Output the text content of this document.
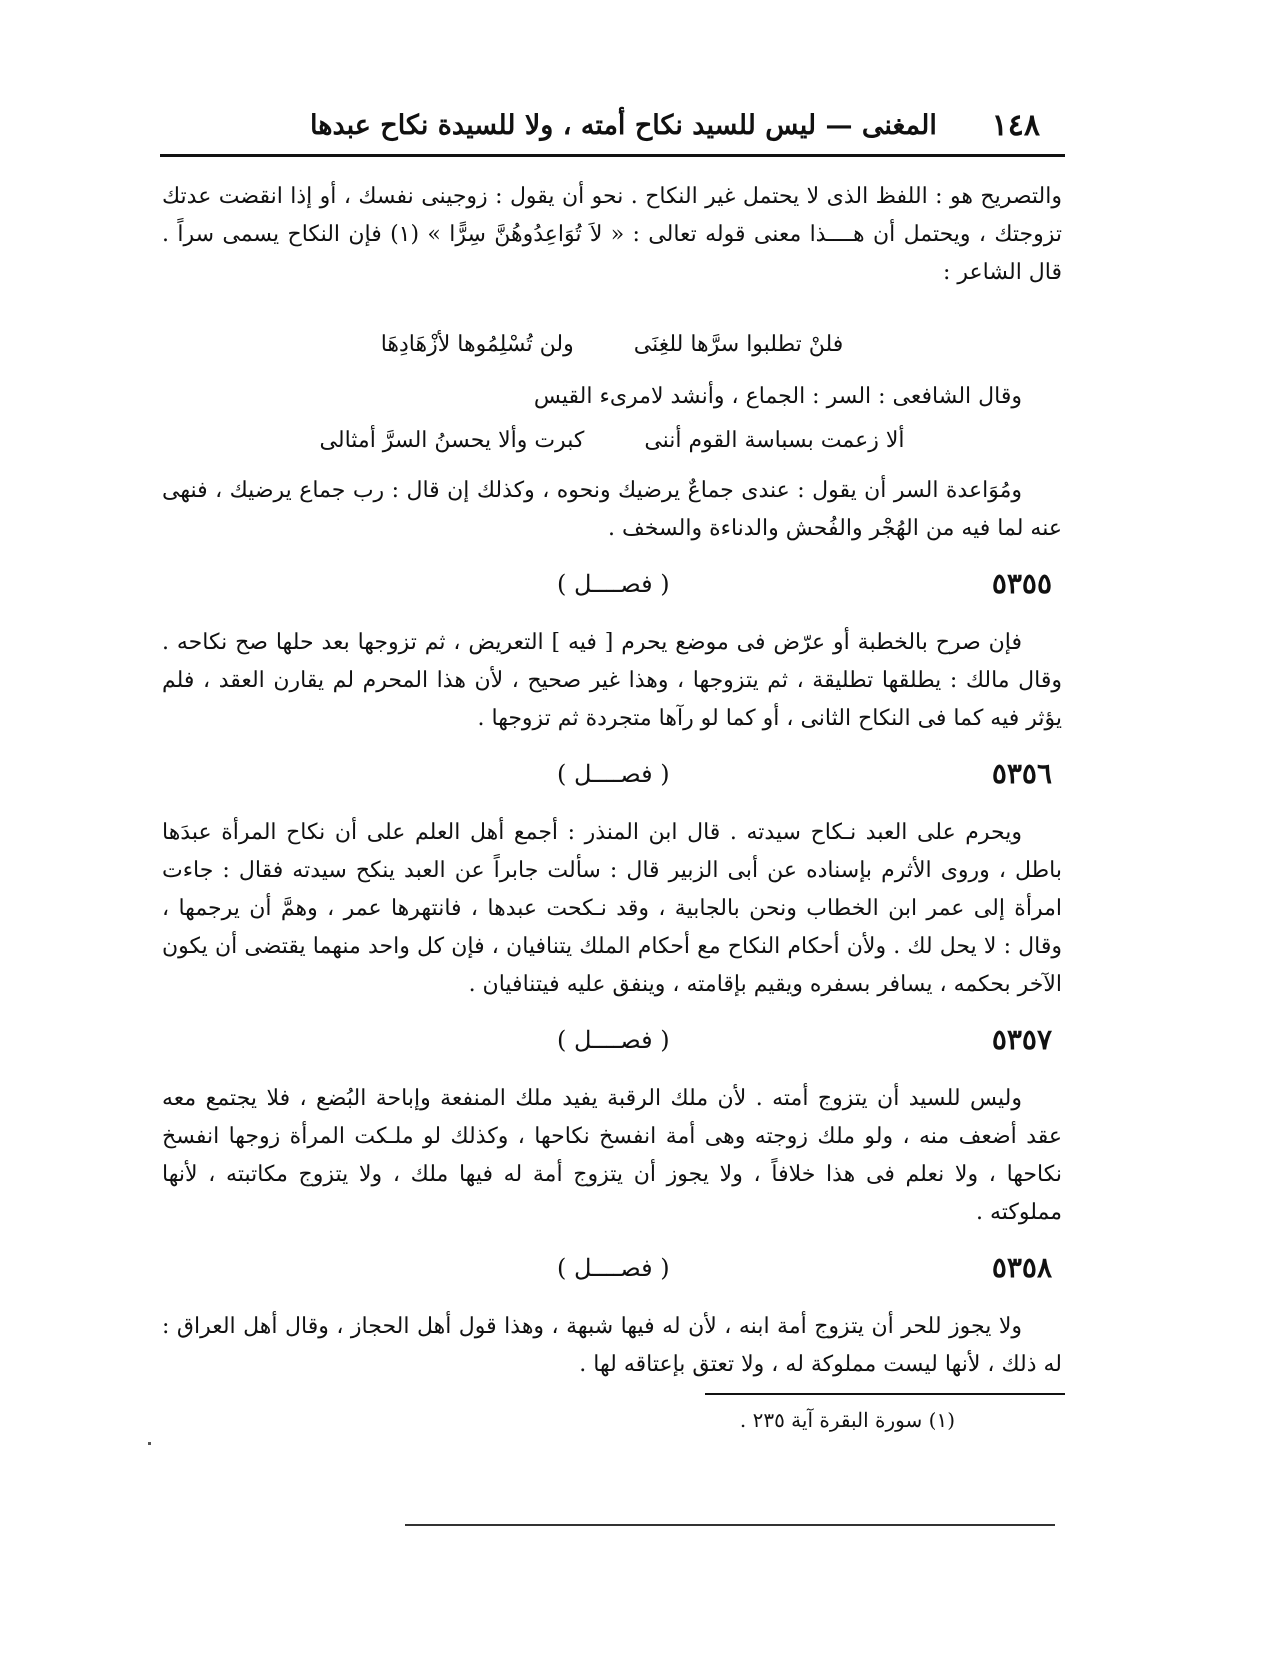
١٤٨
المغنى — ليس للسيد نكاح أمته ، ولا للسيدة نكاح عبدها

والتصريح هو : اللفظ الذى لا يحتمل غير النكاح . نحو أن يقول : زوجينى نفسك ، أو إذا انقضت عدتك تزوجتك ، ويحتمل أن هــــذا معنى قوله تعالى : « لاَ تُوَاعِدُوهُنَّ سِرًّا » (١) فإن النكاح يسمى سراً . قال الشاعر :

فلنْ تطلبوا سرَّها للغِنَى
ولن تُسْلِمُوها لأزْهَادِهَا

وقال الشافعى : السر : الجماع ، وأنشد لامرىء القيس

ألا زعمت بسباسة القوم أننى
كبرت وألا يحسنُ السرَّ أمثالى

ومُوَاعدة السر أن يقول : عندى جماعٌ يرضيك ونحوه ، وكذلك إن قال : رب جماع يرضيك ، فنهى عنه لما فيه من الهُجْر والفُحش والدناءة والسخف .

٥٣٥٥
( فصــــل )

فإن صرح بالخطبة أو عرّض فى موضع يحرم [ فيه ] التعريض ، ثم تزوجها بعد حلها صح نكاحه . وقال مالك : يطلقها تطليقة ، ثم يتزوجها ، وهذا غير صحيح ، لأن هذا المحرم لم يقارن العقد ، فلم يؤثر فيه كما فى النكاح الثانى ، أو كما لو رآها متجردة ثم تزوجها .

٥٣٥٦
( فصــــل )

ويحرم على العبد نـكاح سيدته . قال ابن المنذر : أجمع أهل العلم على أن نكاح المرأة عبدَها باطل ، وروى الأثرم بإسناده عن أبى الزبير قال : سألت جابراً عن العبد ينكح سيدته فقال : جاءت امرأة إلى عمر ابن الخطاب ونحن بالجابية ، وقد نـكحت عبدها ، فانتهرها عمر ، وهمَّ أن يرجمها ، وقال : لا يحل لك . ولأن أحكام النكاح مع أحكام الملك يتنافيان ، فإن كل واحد منهما يقتضى أن يكون الآخر بحكمه ، يسافر بسفره ويقيم بإقامته ، وينفق عليه فيتنافيان .

٥٣٥٧
( فصــــل )

وليس للسيد أن يتزوج أمته . لأن ملك الرقبة يفيد ملك المنفعة وإباحة البُضع ، فلا يجتمع معه عقد أضعف منه ، ولو ملك زوجته وهى أمة انفسخ نكاحها ، وكذلك لو ملـكت المرأة زوجها انفسخ نكاحها ، ولا نعلم فى هذا خلافاً ، ولا يجوز أن يتزوج أمة له فيها ملك ، ولا يتزوج مكاتبته ، لأنها مملوكته .

٥٣٥٨
( فصــــل )

ولا يجوز للحر أن يتزوج أمة ابنه ، لأن له فيها شبهة ، وهذا قول أهل الحجاز ، وقال أهل العراق : له ذلك ، لأنها ليست مملوكة له ، ولا تعتق بإعتاقه لها .

(١) سورة البقرة آية ٢٣٥ .
